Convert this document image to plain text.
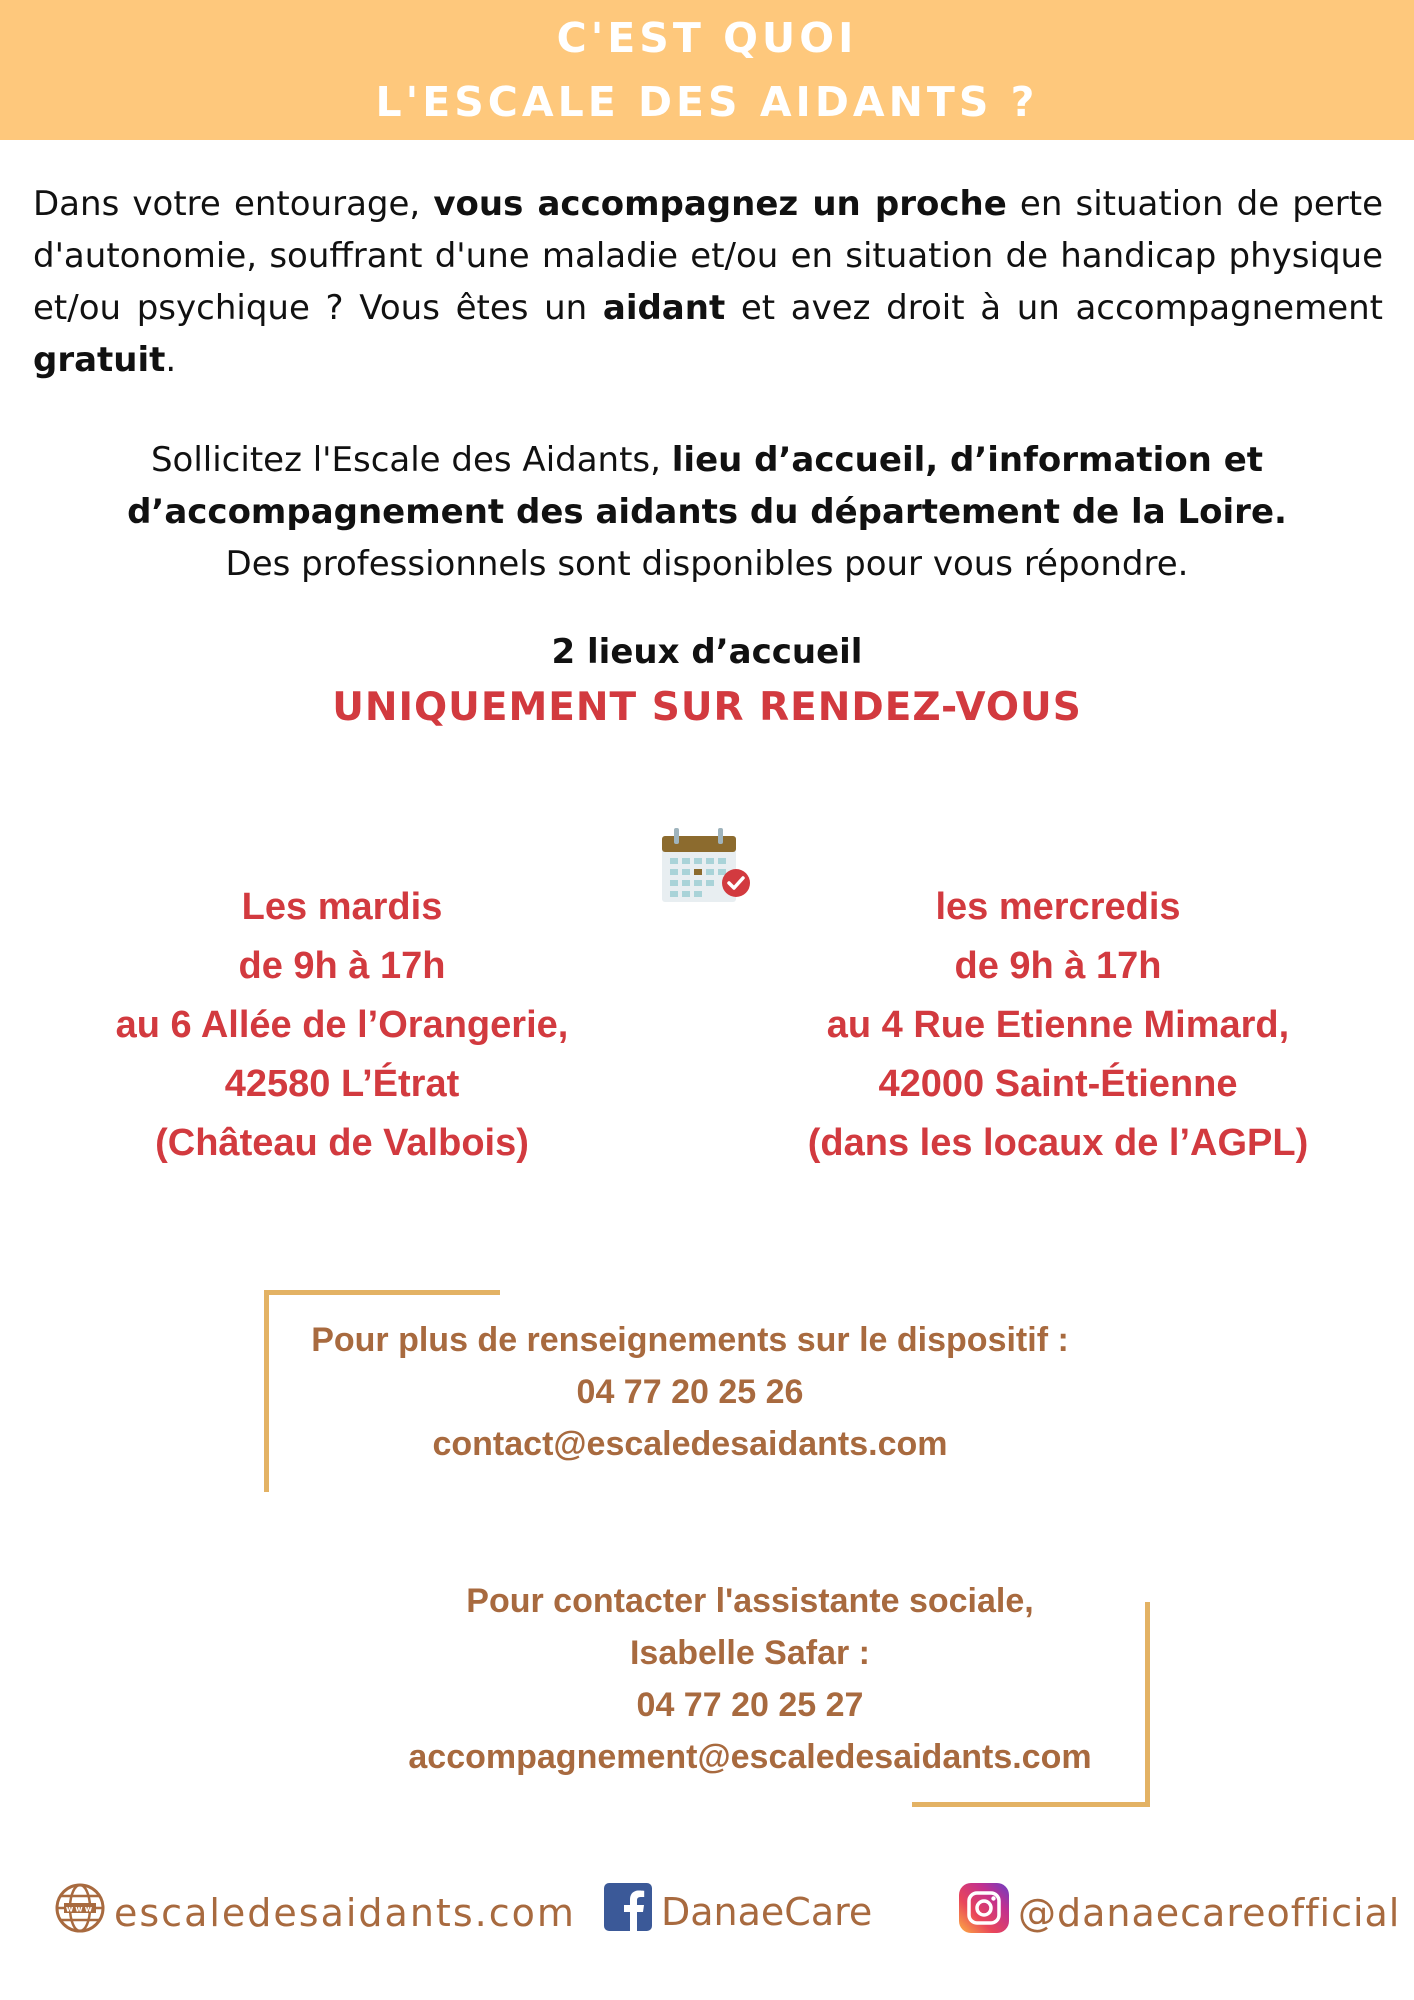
C'EST QUOI
L'ESCALE DES AIDANTS ?

Dans votre entourage, vous accompagnez un proche en situation de perte d'autonomie, souffrant d'une maladie et/ou en situation de handicap physique et/ou psychique ? Vous êtes un aidant et avez droit à un accompagnement gratuit.

Sollicitez l'Escale des Aidants, lieu d’accueil, d’information et
d’accompagnement des aidants du département de la Loire.
Des professionnels sont disponibles pour vous répondre.
2 lieux d’accueil
UNIQUEMENT SUR RENDEZ-VOUS
Les mardis
de 9h à 17h
au 6 Allée de l’Orangerie,
42580 L’Étrat
(Château de Valbois)
les mercredis
de 9h à 17h
au 4 Rue Etienne Mimard,
42000 Saint-Étienne
(dans les locaux de l’AGPL)
Pour plus de renseignements sur le dispositif :
04 77 20 25 26
contact@escaledesaidants.com
Pour contacter l'assistante sociale,
Isabelle Safar :
04 77 20 25 27
accompagnement@escaledesaidants.com
www escaledesaidants.com DanaeCare	@danaecareofficial
